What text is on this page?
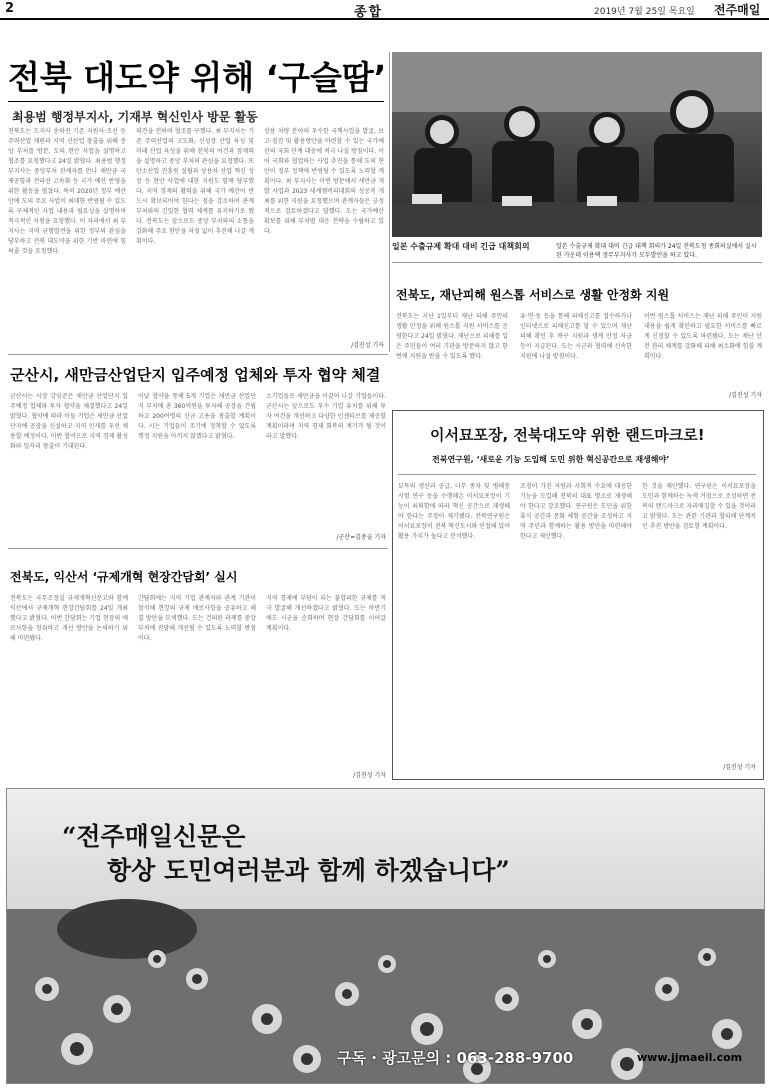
2	종합	2019년 7월 25일 목요일 전주매일
전북 대도약 위해 ‘구슬땀’
최용범 행정부지사, 기재부 혁신인사 방문 활동
전북도는 도지사 송하진 기존 지원사·조선 등 주력산업 재편과 지역 신산업 창출을 위해 중앙 부처를 방문, 도의 현안 사업을 설명하고 협조를 요청했다고 24일 밝혔다. 최용범 행정부지사는 중앙부처 관계자를 만나 새만금 국제공항과 전라선 고속화 등 국가 예산 반영을 위한 활동을 펼쳤다. 특히 2020년 정부 예산안에 도의 주요 사업이 최대한 반영될 수 있도록 구체적인 사업 내용과 필요성을 설명하며 적극적인 지원을 요청했다. 이 자리에서 최 부지사는 지역 균형발전을 위한 정부의 관심을 당부하고 전북 대도약을 위한 기반 마련에 힘써줄 것을 요청했다.
의견을 전하며 협조를 구했다. 최 부지사는 기존 주력산업의 고도화, 신성장 산업 육성 및 미래 산업 육성을 위해 전북의 여건과 잠재력을 설명하고 중앙 부처의 관심을 요청했다. 또 탄소산업 진흥원 설립과 상용차 산업 혁신 성장 등 현안 사업에 대한 지원도 함께 당부했다. 지역 경제의 활력을 위해 국가 예산이 반드시 확보되어야 한다는 점을 강조하며 관계 부처와의 긴밀한 협력 체계를 유지하기로 했다. 전북도는 앞으로도 중앙 부처와의 소통을 강화해 주요 현안을 차질 없이 추진해 나갈 계획이다.
상용 차량 분야의 우수한 국책사업을 발굴, 보고·점검 및 활용방안을 마련할 수 있는 국가예산의 국회 단계 대응에 적극 나설 방침이다. 이어 국회와 협업하는 사업 추진을 통해 도의 현안이 정부 정책에 반영될 수 있도록 노력할 계획이다. 최 부지사는 이번 방문에서 새만금 개발 사업과 2023 세계잼버리대회의 성공적 개최를 위한 지원을 요청했으며 관계자들은 긍정적으로 검토하겠다고 답했다. 도는 국가예산 확보를 위해 부처별 대응 전략을 수립하고 있다.
/김진성 기자
일본 수출규제 확대 대비 긴급 대책회의	일본 수출규제 확대 대비 긴급 대책 회의가 24일 전북도청 종회의실에서 실시된 가운데 이용택 정무부지사가 모두발언을 하고 있다.
전북도, 재난피해 원스톱 서비스로 생활 안정화 지원
전북도는 지난 1일부터 재난 피해 주민의 생활 안정을 위해 원스톱 지원 서비스를 운영한다고 24일 밝혔다. 재난으로 피해를 입은 주민들이 여러 기관을 방문하지 않고 한 번에 지원을 받을 수 있도록 했다.
유·면·동 등을 통해 피해신고를 접수하거나 인터넷으로 피해신고를 할 수 있으며 재난 피해 확인 후 복구 지원과 생계 안정 자금 등이 지급된다. 도는 시군과 협력해 신속한 지원에 나설 방침이다.
이번 원스톱 서비스는 재난 피해 주민이 지원 내용을 쉽게 확인하고 필요한 서비스를 빠르게 신청할 수 있도록 마련됐다. 도는 재난 안전 관리 체계를 강화해 피해 최소화에 힘쓸 계획이다.
/김진성 기자
군산시, 새만금산업단지 입주예정 업체와 투자 협약 체결
군산시는 시장 강임준은 새만금 산업단지 입주예정 업체와 투자 협약을 체결했다고 24일 밝혔다. 협약에 따라 이들 기업은 새만금 산업단지에 공장을 신설하고 지역 인재를 우선 채용할 예정이다. 이번 협약으로 지역 경제 활성화와 일자리 창출이 기대된다.
이날 협약을 통해 5개 기업은 새만금 산업단지 부지에 총 360억원을 투자해 공장을 건립하고 200여명의 신규 고용을 창출할 계획이다. 시는 기업들이 조기에 정착할 수 있도록 행정 지원을 아끼지 않겠다고 밝혔다.
소기업들로 새만금을 이끌어 나갈 기업들이다. 군산시는 앞으로도 우수 기업 유치를 위해 투자 여건을 개선하고 다양한 인센티브를 제공할 계획이라며 지역 경제 회복의 계기가 될 것이라고 말했다.
/군산=김종술 기자
전북도, 익산서 ‘규제개혁 현장간담회’ 실시
전북도는 국무조정실 규제개혁신문고와 함께 익산에서 규제개혁 현장간담회를 24일 개최했다고 밝혔다. 이번 간담회는 기업 현장의 애로사항을 청취하고 개선 방안을 논의하기 위해 마련됐다.
간담회에는 지역 기업 관계자와 관계 기관이 참석해 현장의 규제 애로사항을 공유하고 해결 방안을 모색했다. 도는 건의된 과제를 중앙 부처에 전달해 개선될 수 있도록 노력할 방침이다.
지역 경제에 부담이 되는 불합리한 규제를 적극 발굴해 개선하겠다고 밝혔다. 도는 하반기에도 시군을 순회하며 현장 간담회를 이어갈 계획이다.
/김진성 기자
이서묘포장, 전북대도약 위한 랜드마크로!
전북연구원, ‘새로운 기능 도입해 도민 위한 혁신공간으로 재생해야’
묘목의 생산과 공급, 나무 종자 및 병해충 시험 연구 등을 수행해온 이서묘포장이 기능이 쇠퇴함에 따라 혁신 공간으로 재생해야 한다는 주장이 제기됐다. 전북연구원은 이서묘포장이 전북 혁신도시와 인접해 있어 활용 가치가 높다고 분석했다.
조경이 가진 자원과 사회적 수요에 대응한 기능을 도입해 전북의 대표 명소로 재생해야 한다고 강조했다. 연구원은 도민을 위한 휴식 공간과 문화 체험 공간을 조성하고 지역 주민과 함께하는 활용 방안을 마련해야 한다고 제안했다.
한 것을 제안했다. 연구원은 이서묘포장을 도민과 함께하는 녹색 거점으로 조성하면 전북의 랜드마크로 자리매김할 수 있을 것이라고 밝혔다. 도는 관련 기관과 협의해 단계적인 추진 방안을 검토할 계획이다.
/김진성 기자
“전주매일신문은
항상 도민여러분과 함께 하겠습니다”
구독 · 광고문의 : 063-288-9700	www.jjmaeil.com
